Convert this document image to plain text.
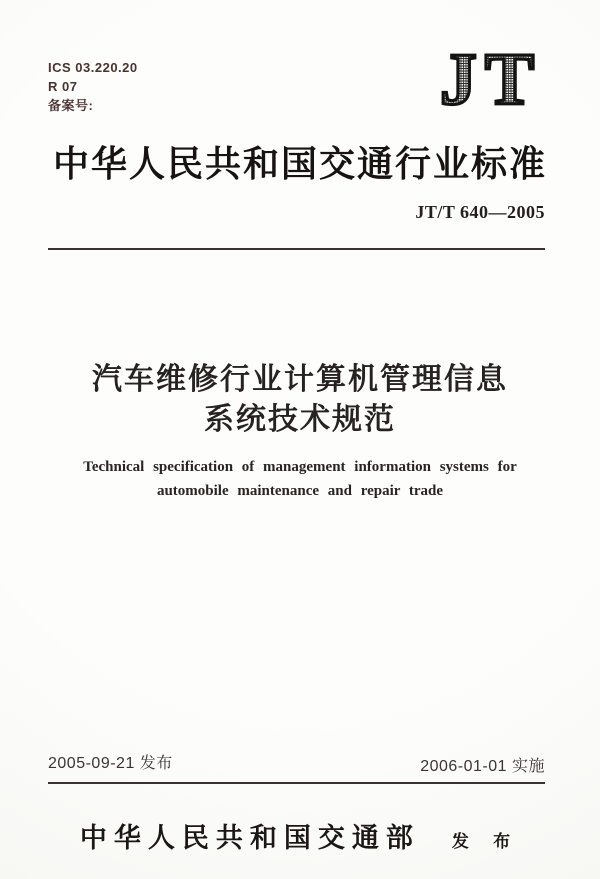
ICS 03.220.20
R 07
备案号:	JT
中华人民共和国交通行业标准
JT/T 640—2005
汽车维修行业计算机管理信息
系统技术规范
Technical specification of management information systems for
automobile maintenance and repair trade
2005-09-21 发布	2006-01-01 实施
中华人民共和国交通部 发 布
